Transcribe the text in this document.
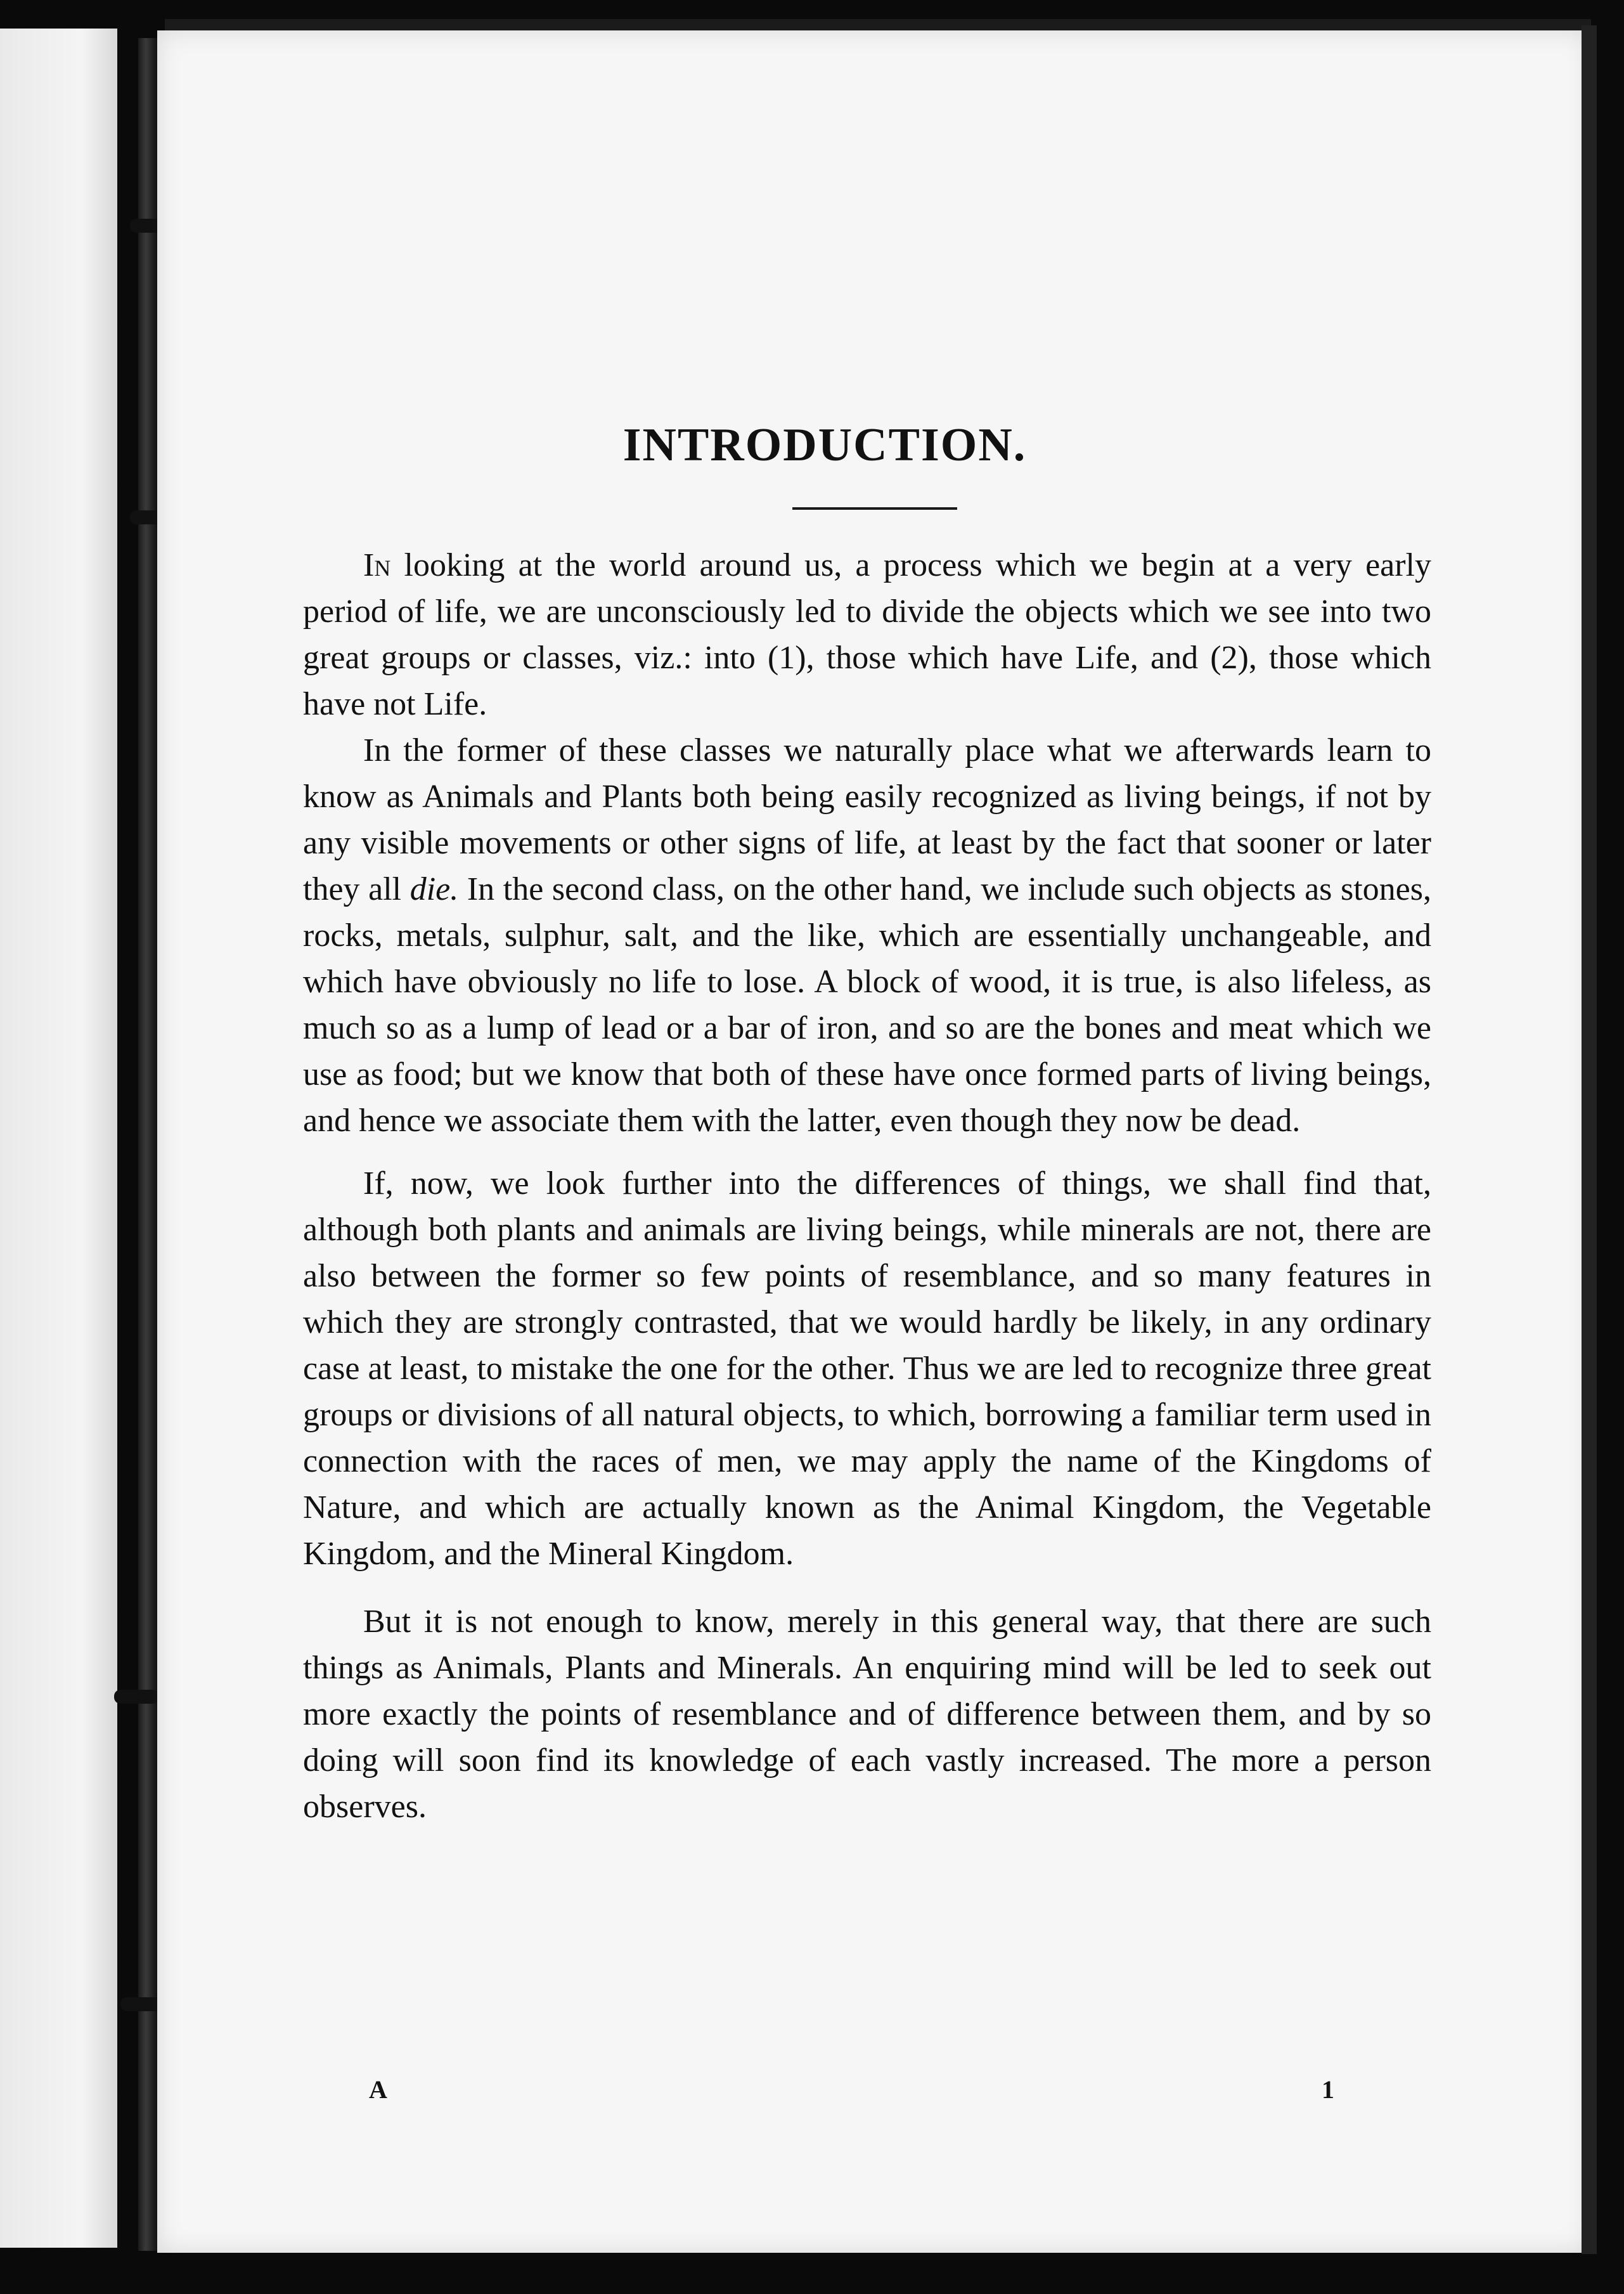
INTRODUCTION.

In looking at the world around us, a process which we begin at a very early period of life, we are unconsciously led to divide the objects which we see into two great groups or classes, viz.: into (1), those which have Life, and (2), those which have not Life.

In the former of these classes we naturally place what we afterwards learn to know as Animals and Plants both being easily recognized as living beings, if not by any visible movements or other signs of life, at least by the fact that sooner or later they all die. In the second class, on the other hand, we include such objects as stones, rocks, metals, sulphur, salt, and the like, which are essentially unchangeable, and which have obviously no life to lose. A block of wood, it is true, is also lifeless, as much so as a lump of lead or a bar of iron, and so are the bones and meat which we use as food; but we know that both of these have once formed parts of living beings, and hence we associate them with the latter, even though they now be dead.

If, now, we look further into the differences of things, we shall find that, although both plants and animals are living beings, while minerals are not, there are also between the former so few points of resemblance, and so many features in which they are strongly contrasted, that we would hardly be likely, in any ordinary case at least, to mistake the one for the other. Thus we are led to recognize three great groups or divisions of all natural objects, to which, borrowing a familiar term used in connection with the races of men, we may apply the name of the Kingdoms of Nature, and which are actually known as the Animal Kingdom, the Vegetable Kingdom, and the Mineral Kingdom.

But it is not enough to know, merely in this general way, that there are such things as Animals, Plants and Minerals. An enquiring mind will be led to seek out more exactly the points of resemblance and of difference between them, and by so doing will soon find its knowledge of each vastly increased. The more a person observes.

A	1
